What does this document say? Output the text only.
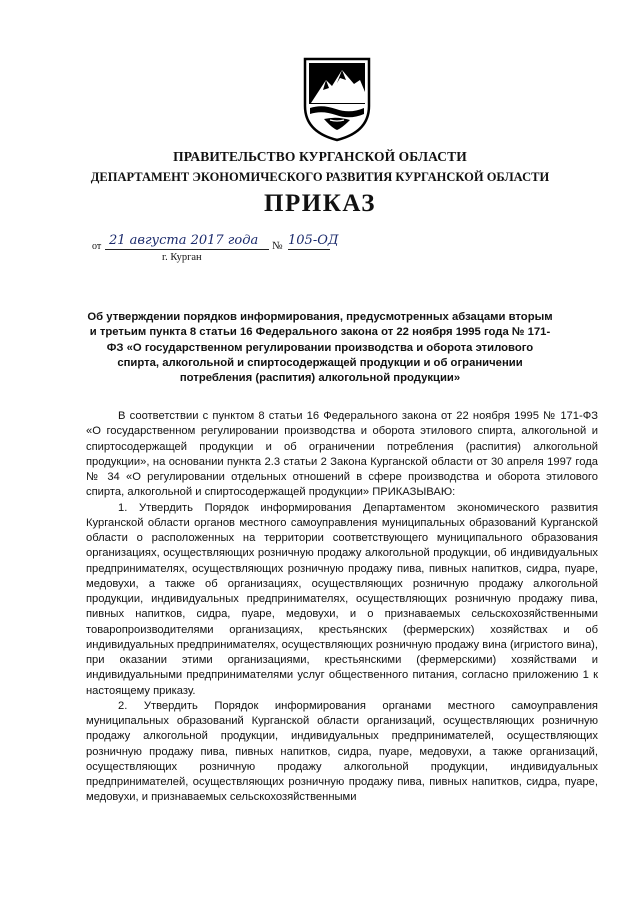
ПРАВИТЕЛЬСТВО КУРГАНСКОЙ ОБЛАСТИ
ДЕПАРТАМЕНТ ЭКОНОМИЧЕСКОГО РАЗВИТИЯ КУРГАНСКОЙ ОБЛАСТИ
ПРИКАЗ
от 21 августа 2017 года	№ 105-ОД
г. Курган
Об утверждении порядков информирования, предусмотренных абзацами вторым и третьим пункта 8 статьи 16 Федерального закона от 22 ноября 1995 года № 171-ФЗ «О государственном регулировании производства и оборота этилового спирта, алкогольной и спиртосодержащей продукции и об ограничении потребления (распития) алкогольной продукции»

В соответствии с пунктом 8 статьи 16 Федерального закона от 22 ноября 1995 № 171-ФЗ «О государственном регулировании производства и оборота этилового спирта, алкогольной и спиртосодержащей продукции и об ограничении потребления (распития) алкогольной продукции», на основании пункта 2.3 статьи 2 Закона Курганской области от 30 апреля 1997 года № 34 «О регулировании отдельных отношений в сфере производства и оборота этилового спирта, алкогольной и спиртосодержащей продукции» ПРИКАЗЫВАЮ:

1. Утвердить Порядок информирования Департаментом экономического развития Курганской области органов местного самоуправления муниципальных образований Курганской области о расположенных на территории соответствующего муниципального образования организациях, осуществляющих розничную продажу алкогольной продукции, об индивидуальных предпринимателях, осуществляющих розничную продажу пива, пивных напитков, сидра, пуаре, медовухи, а также об организациях, осуществляющих розничную продажу алкогольной продукции, индивидуальных предпринимателях, осуществляющих розничную продажу пива, пивных напитков, сидра, пуаре, медовухи, и о признаваемых сельскохозяйственными товаропроизводителями организациях, крестьянских (фермерских) хозяйствах и об индивидуальных предпринимателях, осуществляющих розничную продажу вина (игристого вина), при оказании этими организациями, крестьянскими (фермерскими) хозяйствами и индивидуальными предпринимателями услуг общественного питания, согласно приложению 1 к настоящему приказу.

2. Утвердить Порядок информирования органами местного самоуправления муниципальных образований Курганской области организаций, осуществляющих розничную продажу алкогольной продукции, индивидуальных предпринимателей, осуществляющих розничную продажу пива, пивных напитков, сидра, пуаре, медовухи, а также организаций, осуществляющих розничную продажу алкогольной продукции, индивидуальных предпринимателей, осуществляющих розничную продажу пива, пивных напитков, сидра, пуаре, медовухи, и признаваемых сельскохозяйственными
